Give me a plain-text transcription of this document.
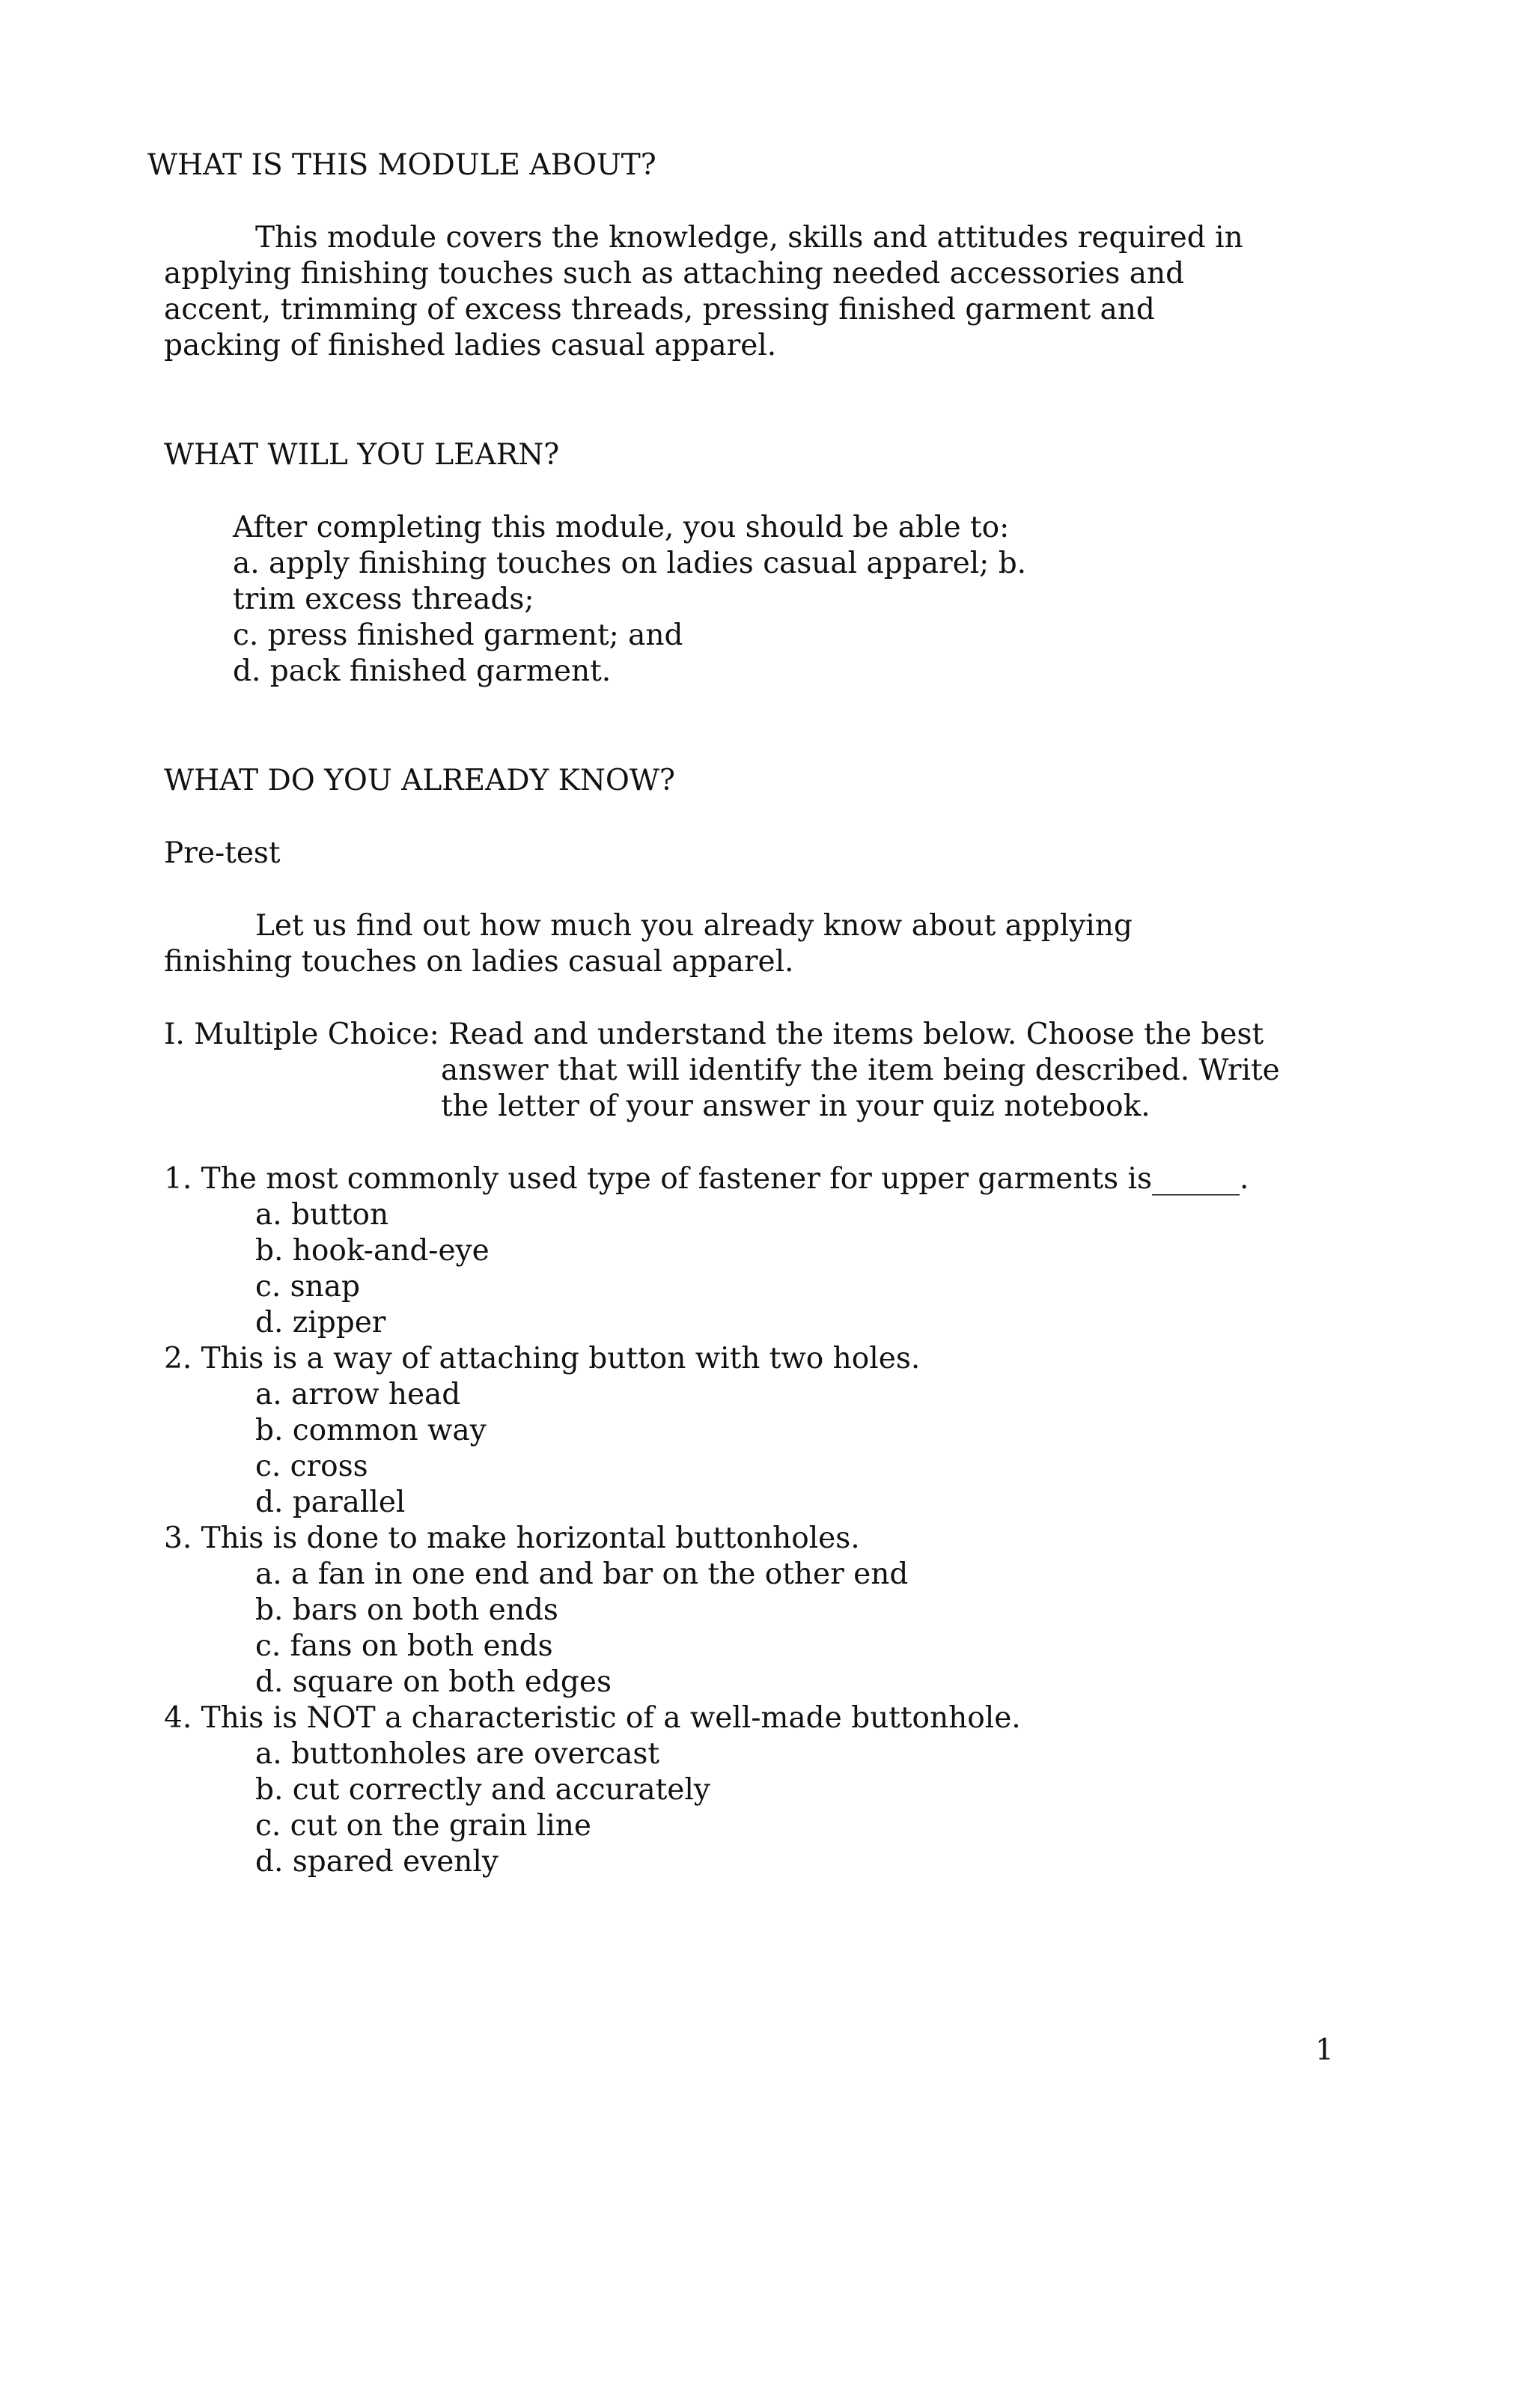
WHAT IS THIS MODULE ABOUT?

This module covers the knowledge, skills and attitudes required in

applying finishing touches such as attaching needed accessories and

accent, trimming of excess threads, pressing finished garment and

packing of finished ladies casual apparel.

WHAT WILL YOU LEARN?

After completing this module, you should be able to:

a. apply finishing touches on ladies casual apparel; b.

trim excess threads;

c. press finished garment; and

d. pack finished garment.

WHAT DO YOU ALREADY KNOW?

Pre-test

Let us find out how much you already know about applying

finishing touches on ladies casual apparel.

I. Multiple Choice: Read and understand the items below. Choose the best

answer that will identify the item being described. Write

the letter of your answer in your quiz notebook.

1. The most commonly used type of fastener for upper garments is______.

a. button

b. hook-and-eye

c. snap

d. zipper

2. This is a way of attaching button with two holes.

a. arrow head

b. common way

c. cross

d. parallel

3. This is done to make horizontal buttonholes.

a. a fan in one end and bar on the other end

b. bars on both ends

c. fans on both ends

d. square on both edges

4. This is NOT a characteristic of a well-made buttonhole.

a. buttonholes are overcast

b. cut correctly and accurately

c. cut on the grain line

d. spared evenly

1
